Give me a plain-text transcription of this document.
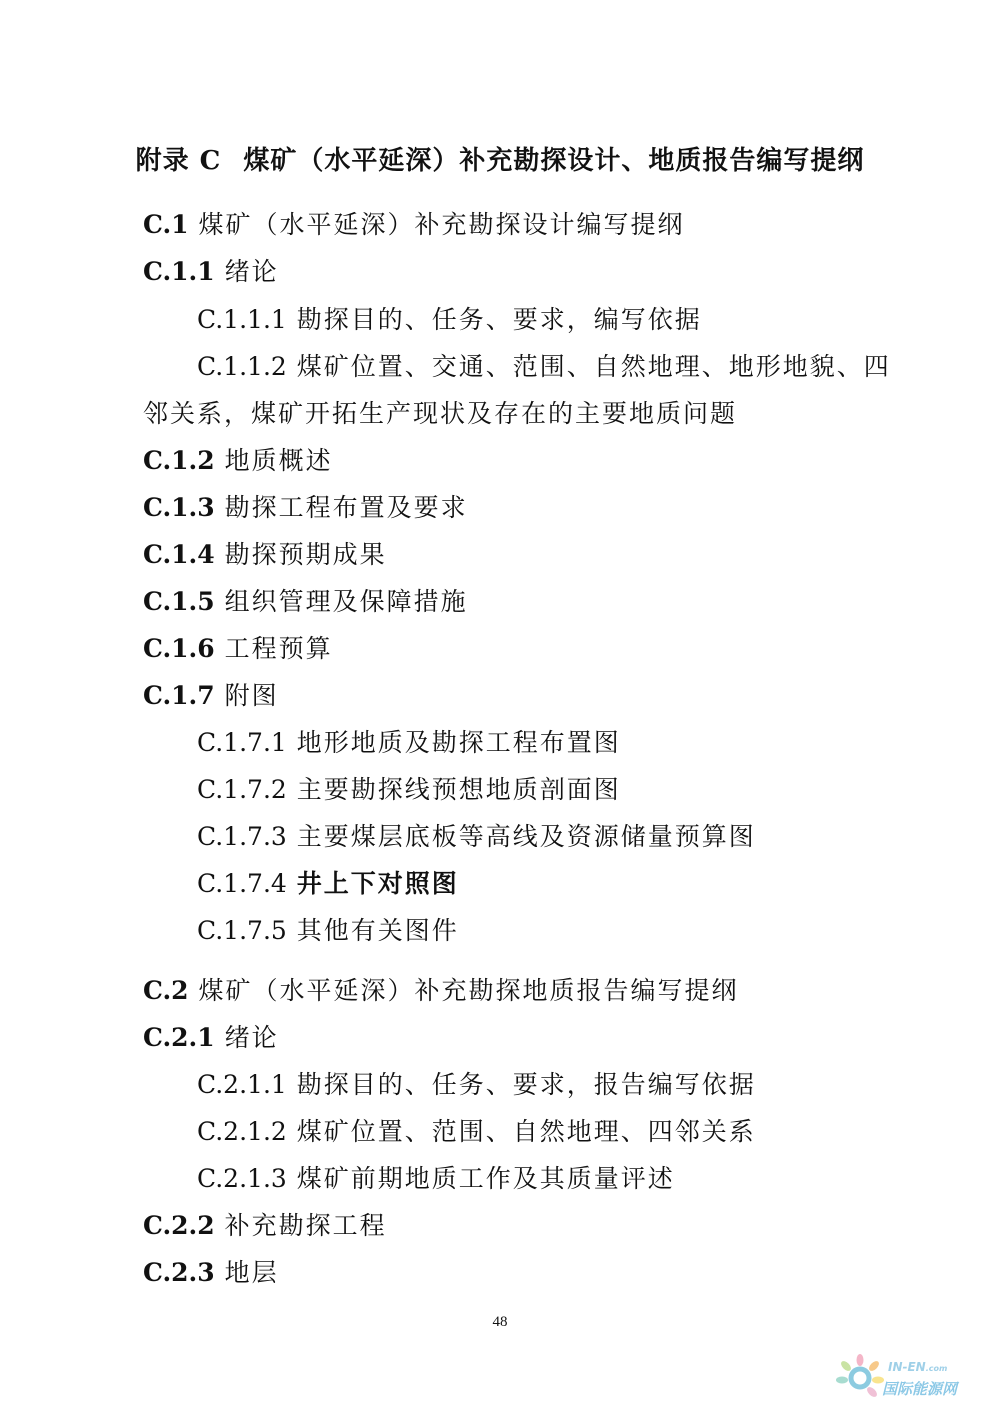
附录 C 煤矿（水平延深）补充勘探设计、地质报告编写提纲
C.1 煤矿（水平延深）补充勘探设计编写提纲
C.1.1 绪论
C.1.1.1 勘探目的、任务、要求，编写依据
C.1.1.2 煤矿位置、交通、范围、自然地理、地形地貌、四
邻关系，煤矿开拓生产现状及存在的主要地质问题
C.1.2 地质概述
C.1.3 勘探工程布置及要求
C.1.4 勘探预期成果
C.1.5 组织管理及保障措施
C.1.6 工程预算
C.1.7 附图
C.1.7.1 地形地质及勘探工程布置图
C.1.7.2 主要勘探线预想地质剖面图
C.1.7.3 主要煤层底板等高线及资源储量预算图
C.1.7.4 井上下对照图
C.1.7.5 其他有关图件
C.2 煤矿（水平延深）补充勘探地质报告编写提纲
C.2.1 绪论
C.2.1.1 勘探目的、任务、要求，报告编写依据
C.2.1.2 煤矿位置、范围、自然地理、四邻关系
C.2.1.3 煤矿前期地质工作及其质量评述
C.2.2 补充勘探工程
C.2.3 地层
48
IN-EN.com
国际能源网
